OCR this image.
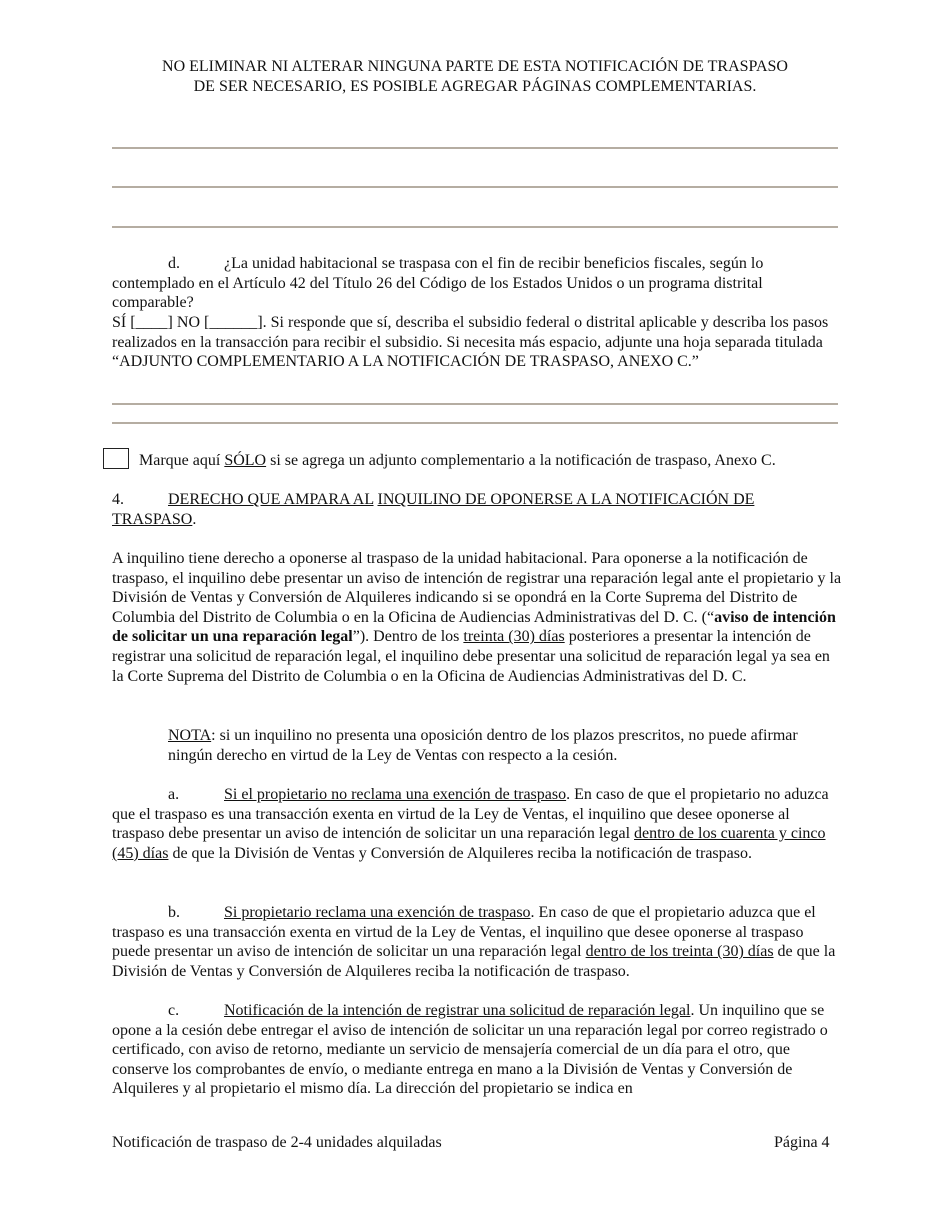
NO ELIMINAR NI ALTERAR NINGUNA PARTE DE ESTA NOTIFICACIÓN DE TRASPASO
DE SER NECESARIO, ES POSIBLE AGREGAR PÁGINAS COMPLEMENTARIAS.
d.	¿La unidad habitacional se traspasa con el fin de recibir beneficios fiscales, según lo contemplado en el Artículo 42 del Título 26 del Código de los Estados Unidos o un programa distrital comparable?
SÍ [____] NO [______]. Si responde que sí, describa el subsidio federal o distrital aplicable y describa los pasos realizados en la transacción para recibir el subsidio. Si necesita más espacio, adjunte una hoja separada titulada “ADJUNTO COMPLEMENTARIO A LA NOTIFICACIÓN DE TRASPASO, ANEXO C.”
Marque aquí SÓLO si se agrega un adjunto complementario a la notificación de traspaso, Anexo C.
4.	DERECHO QUE AMPARA AL INQUILINO DE OPONERSE A LA NOTIFICACIÓN DE TRASPASO.
A inquilino tiene derecho a oponerse al traspaso de la unidad habitacional. Para oponerse a la notificación de traspaso, el inquilino debe presentar un aviso de intención de registrar una reparación legal ante el propietario y la División de Ventas y Conversión de Alquileres indicando si se opondrá en la Corte Suprema del Distrito de Columbia del Distrito de Columbia o en la Oficina de Audiencias Administrativas del D. C. (“aviso de intención de solicitar un una reparación legal”). Dentro de los treinta (30) días posteriores a presentar la intención de registrar una solicitud de reparación legal, el inquilino debe presentar una solicitud de reparación legal ya sea en la Corte Suprema del Distrito de Columbia o en la Oficina de Audiencias Administrativas del D. C.
NOTA: si un inquilino no presenta una oposición dentro de los plazos prescritos, no puede afirmar ningún derecho en virtud de la Ley de Ventas con respecto a la cesión.
a.	Si el propietario no reclama una exención de traspaso. En caso de que el propietario no aduzca que el traspaso es una transacción exenta en virtud de la Ley de Ventas, el inquilino que desee oponerse al traspaso debe presentar un aviso de intención de solicitar un una reparación legal dentro de los cuarenta y cinco (45) días de que la División de Ventas y Conversión de Alquileres reciba la notificación de traspaso.
b.	Si propietario reclama una exención de traspaso. En caso de que el propietario aduzca que el traspaso es una transacción exenta en virtud de la Ley de Ventas, el inquilino que desee oponerse al traspaso puede presentar un aviso de intención de solicitar un una reparación legal dentro de los treinta (30) días de que la División de Ventas y Conversión de Alquileres reciba la notificación de traspaso.
c.	Notificación de la intención de registrar una solicitud de reparación legal. Un inquilino que se opone a la cesión debe entregar el aviso de intención de solicitar un una reparación legal por correo registrado o certificado, con aviso de retorno, mediante un servicio de mensajería comercial de un día para el otro, que conserve los comprobantes de envío, o mediante entrega en mano a la División de Ventas y Conversión de Alquileres y al propietario el mismo día. La dirección del propietario se indica en
Notificación de traspaso de 2-4 unidades alquiladas	Página 4
